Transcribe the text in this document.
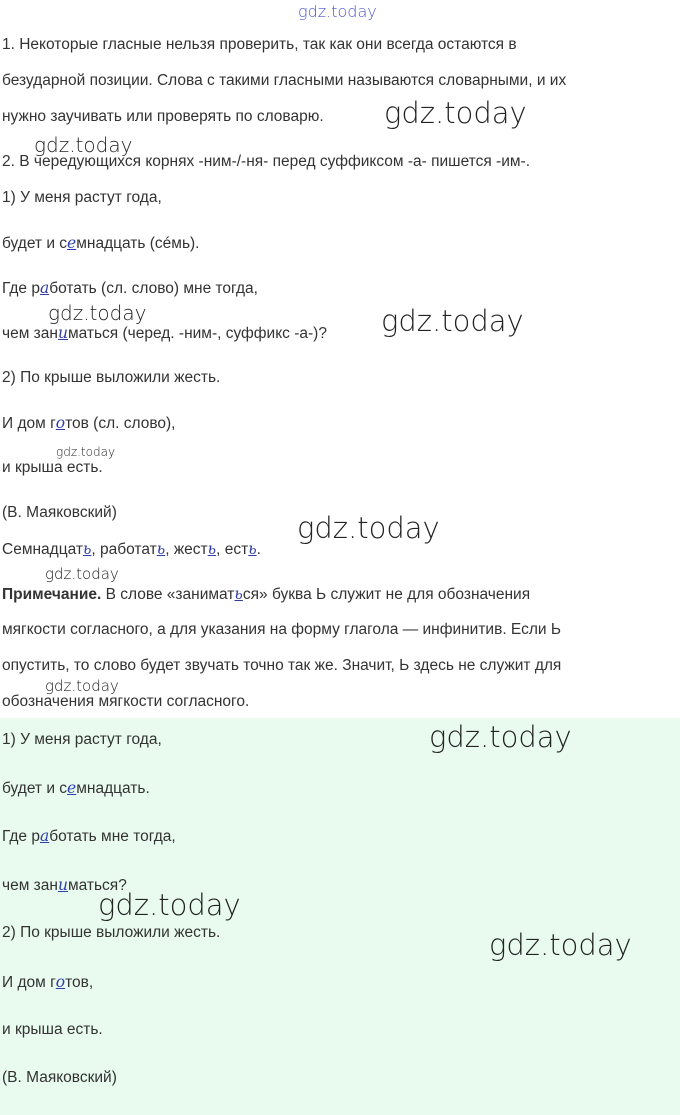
gdz.today
1. Некоторые гласные нельзя проверить, так как они всегда остаются в
безударной позиции. Слова с такими гласными называются словарными, и их
нужно заучивать или проверять по словарю. gdz.today
gdz.today
2. В чередующихся корнях -ним-/-ня- перед суффиксом -а- пишется -им-.
1) У меня растут года,
будет и семнадцать (сéмь).
Где работать (сл. слово) мне тогда,
gdz.today	gdz.today
чем заниматься (черед. -ним-, суффикс -а-)?
2) По крыше выложили жесть.
И дом готов (сл. слово),
gdz.today
и крыша есть.
(В. Маяковский)	gdz.today
Семнадцать, работать, жесть, есть.
gdz.today
Примечание. В слове «заниматься» буква Ь служит не для обозначения
мягкости согласного, а для указания на форму глагола — инфинитив. Если Ь
опустить, то слово будет звучать точно так же. Значит, Ь здесь не служит для
gdz.today
обозначения мягкости согласного.
1) У меня растут года,	gdz.today
будет и семнадцать.
Где работать мне тогда,
чем заниматься?
gdz.today
2) По крыше выложили жесть.	gdz.today
И дом готов,
и крыша есть.
(В. Маяковский)
